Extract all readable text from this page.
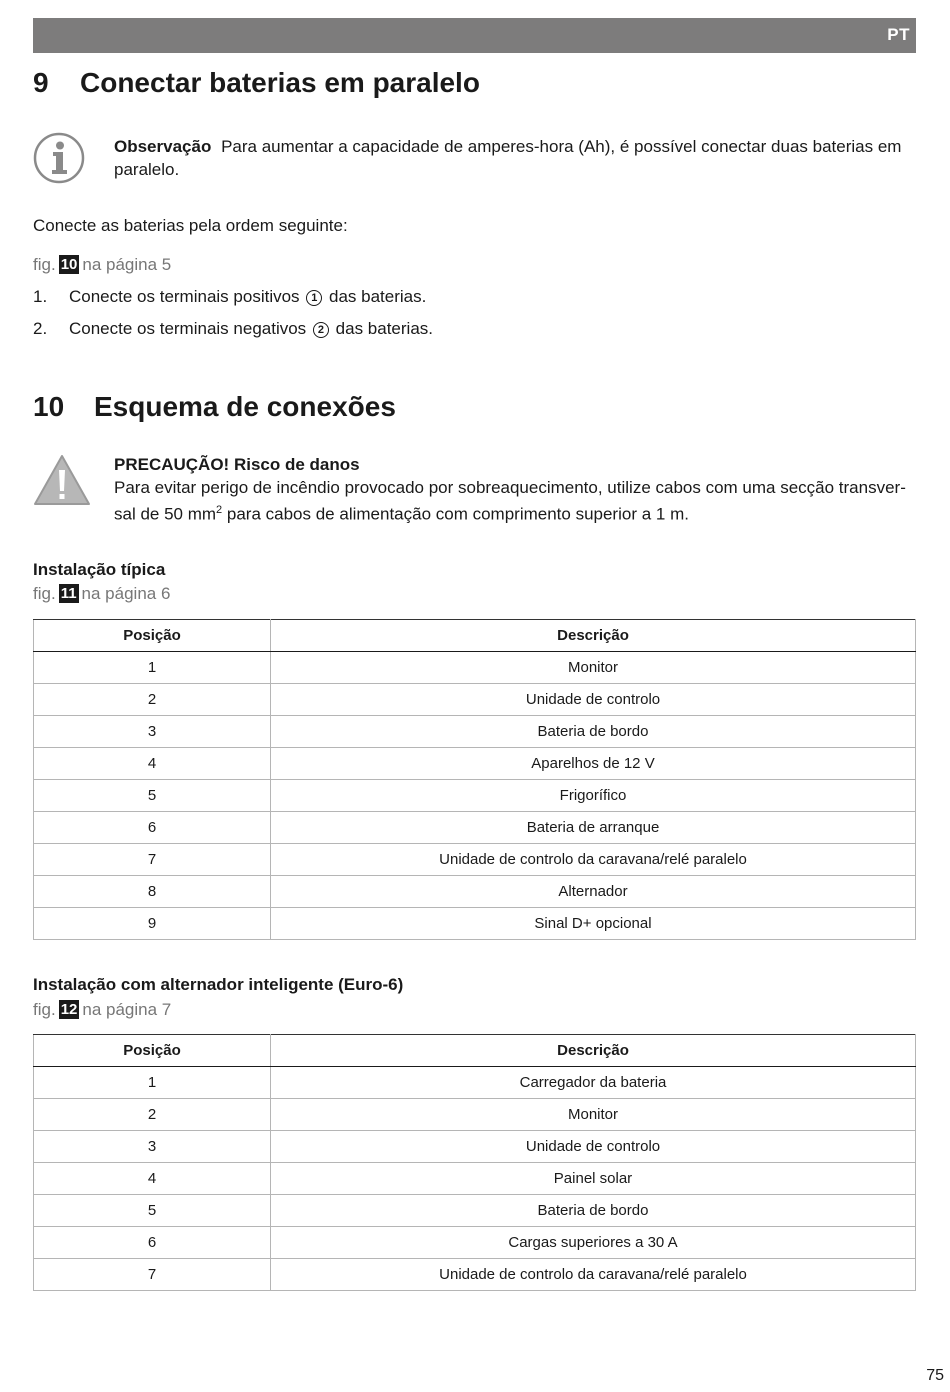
PT
9 Conectar baterias em paralelo
Observação Para aumentar a capacidade de amperes-hora (Ah), é possível conectar duas baterias em paralelo.
Conecte as baterias pela ordem seguinte:
fig. 10 na página 5
1. Conecte os terminais positivos 1 das baterias.
2. Conecte os terminais negativos 2 das baterias.
10 Esquema de conexões
PRECAUÇÃO! Risco de danos
Para evitar perigo de incêndio provocado por sobreaquecimento, utilize cabos com uma secção transver-sal de 50 $mm^2$ para cabos de alimentação com comprimento superior a 1 m.
Instalação típica
fig. 11 na página 6
Posição	Descrição
1	Monitor
2	Unidade de controlo
3	Bateria de bordo
4	Aparelhos de 12 V
5	Frigorífico
6	Bateria de arranque
7	Unidade de controlo da caravana/relé paralelo
8	Alternador
9	Sinal D+ opcional
Instalação com alternador inteligente (Euro-6)
fig. 12 na página 7
Posição	Descrição
1	Carregador da bateria
2	Monitor
3	Unidade de controlo
4	Painel solar
5	Bateria de bordo
6	Cargas superiores a 30 A
7	Unidade de controlo da caravana/relé paralelo
75
